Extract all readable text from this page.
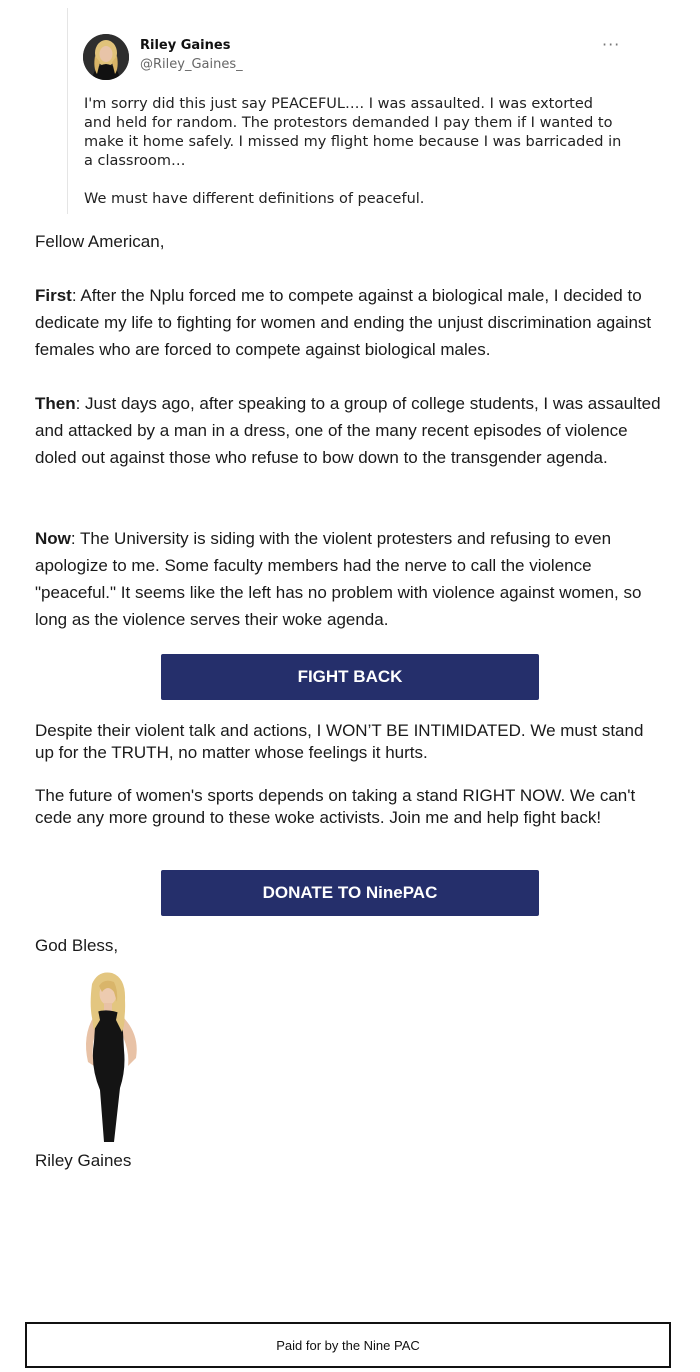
Riley Gaines
@Riley_Gaines_
···

I'm sorry did this just say PEACEFUL…. I was assaulted. I was extorted and held for random. The protestors demanded I pay them if I wanted to make it home safely. I missed my flight home because I was barricaded in a classroom…

We must have different definitions of peaceful.

Fellow American,

First: After the Nplu forced me to compete against a biological male, I decided to dedicate my life to fighting for women and ending the unjust discrimination against females who are forced to compete against biological males.

Then: Just days ago, after speaking to a group of college students, I was assaulted and attacked by a man in a dress, one of the many recent episodes of violence doled out against those who refuse to bow down to the transgender agenda.

Now: The University is siding with the violent protesters and refusing to even apologize to me. Some faculty members had the nerve to call the violence "peaceful." It seems like the left has no problem with violence against women, so long as the violence serves their woke agenda.

FIGHT BACK

Despite their violent talk and actions, I WON’T BE INTIMIDATED. We must stand up for the TRUTH, no matter whose feelings it hurts.

The future of women's sports depends on taking a stand RIGHT NOW. We can't cede any more ground to these woke activists. Join me and help fight back!

DONATE TO NinePAC
God Bless,
Riley Gaines
Paid for by the Nine PAC
